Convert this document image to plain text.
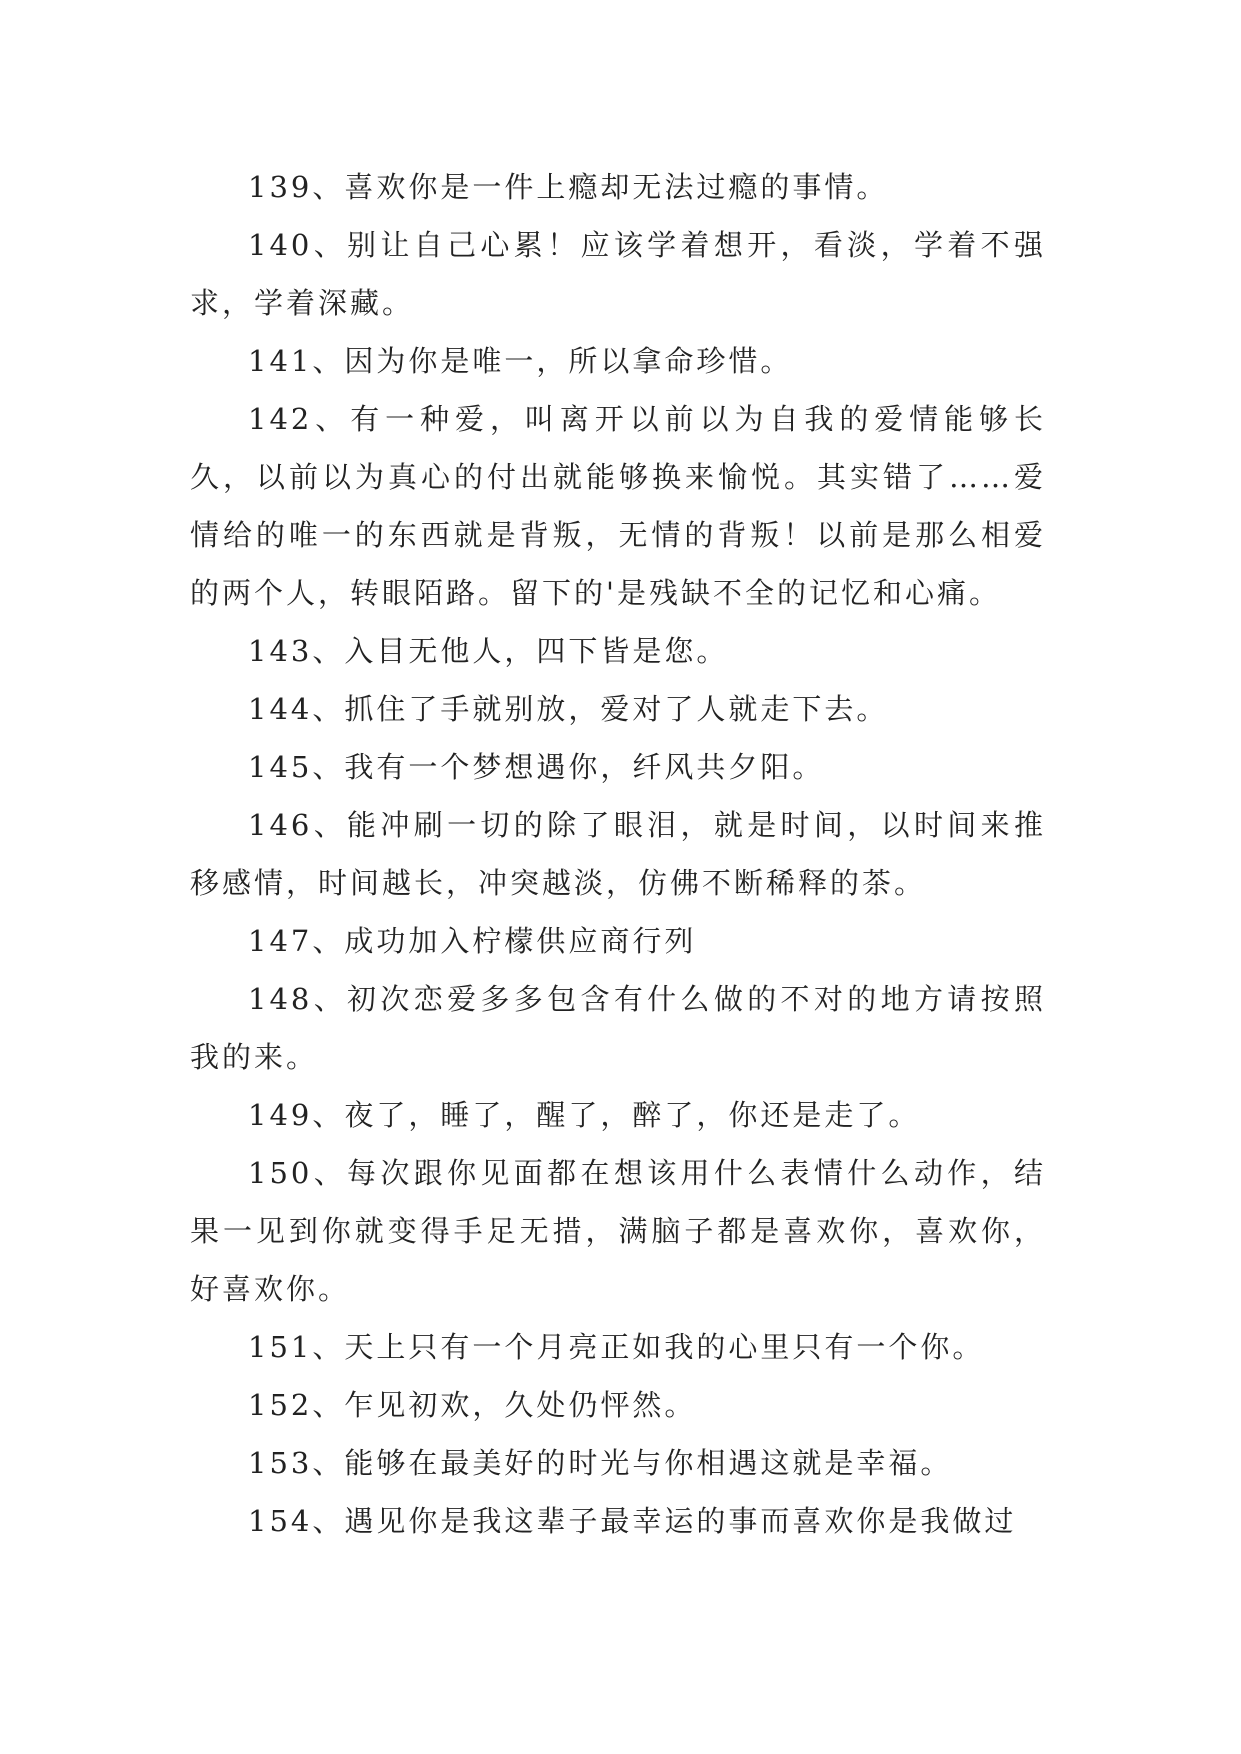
139、喜欢你是一件上瘾却无法过瘾的事情。

140、别让自己心累！应该学着想开，看淡，学着不强求，学着深藏。

141、因为你是唯一，所以拿命珍惜。

142、有一种爱，叫离开以前以为自我的爱情能够长久，以前以为真心的付出就能够换来愉悦。其实错了……爱情给的唯一的东西就是背叛，无情的背叛！以前是那么相爱的两个人，转眼陌路。留下的'是残缺不全的记忆和心痛。

143、入目无他人，四下皆是您。

144、抓住了手就别放，爱对了人就走下去。

145、我有一个梦想遇你，纤风共夕阳。

146、能冲刷一切的除了眼泪，就是时间，以时间来推移感情，时间越长，冲突越淡，仿佛不断稀释的茶。

147、成功加入柠檬供应商行列

148、初次恋爱多多包含有什么做的不对的地方请按照我的来。

149、夜了，睡了，醒了，醉了，你还是走了。

150、每次跟你见面都在想该用什么表情什么动作，结果一见到你就变得手足无措，满脑子都是喜欢你，喜欢你，好喜欢你。

151、天上只有一个月亮正如我的心里只有一个你。

152、乍见初欢，久处仍怦然。

153、能够在最美好的时光与你相遇这就是幸福。

154、遇见你是我这辈子最幸运的事而喜欢你是我做过
